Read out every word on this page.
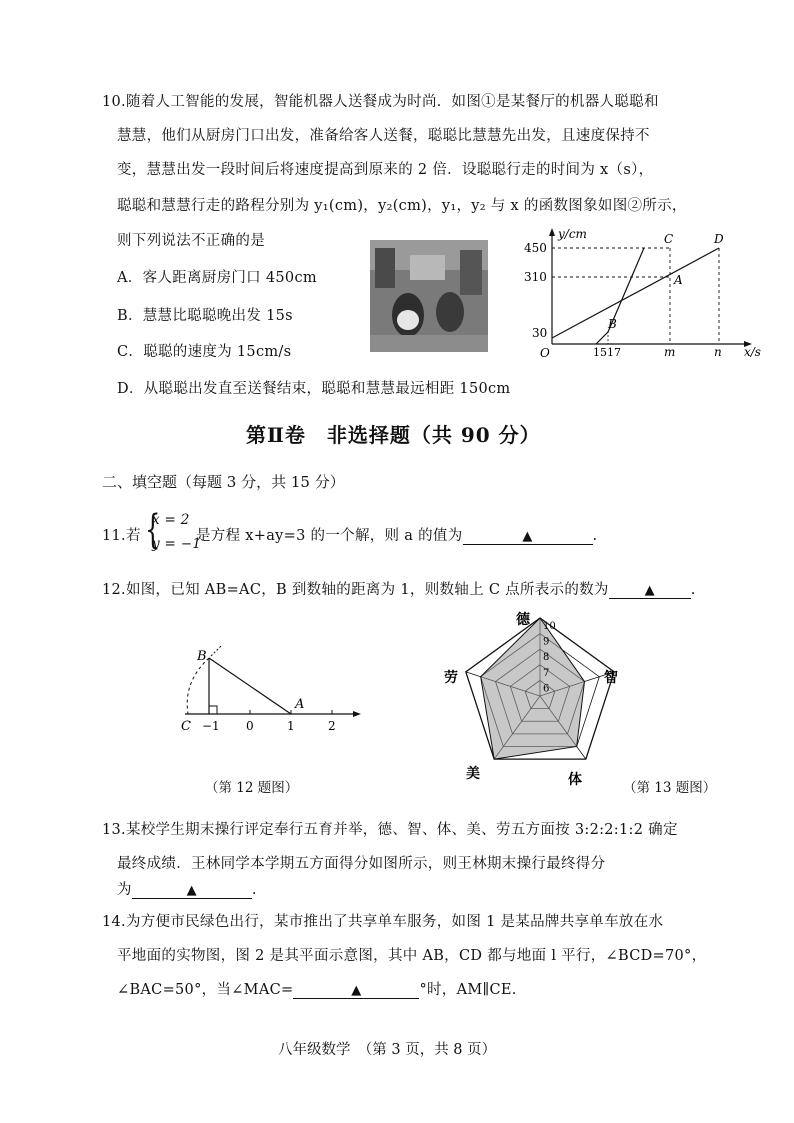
10.随着人工智能的发展，智能机器人送餐成为时尚．如图①是某餐厅的机器人聪聪和
慧慧，他们从厨房门口出发，准备给客人送餐，聪聪比慧慧先出发，且速度保持不
变，慧慧出发一段时间后将速度提高到原来的 2 倍．设聪聪行走的时间为 x（s），
聪聪和慧慧行走的路程分别为 y₁(cm)，y₂(cm)，y₁，y₂ 与 x 的函数图象如图②所示，
则下列说法不正确的是
A．客人距离厨房门口 450cm
B．慧慧比聪聪晚出发 15s
C．聪聪的速度为 15cm/s
D．从聪聪出发直至送餐结束，聪聪和慧慧最远相距 150cm
y/cm
x/s
O
450
310
30
15 17	m	n
A
B
C	D
第Ⅱ卷　非选择题（共 90 分）
二、填空题（每题 3 分，共 15 分）
11.若 {
x = 2
y = −1
是方程 x+ay=3 的一个解，则 a 的值为	▲	.
12.如图，已知 AB=AC，B 到数轴的距离为 1，则数轴上 C 点所表示的数为	▲ .
B
A
C −1 0	1	2
（第 12 题图）
6
7
8
9
10
德
智
体
美
劳
（第 13 题图）
13.某校学生期末操行评定奉行五育并举，德、智、体、美、劳五方面按 3:2:2:1:2 确定
最终成绩．王林同学本学期五方面得分如图所示，则王林期末操行最终得分
为	▲	.
14.为方便市民绿色出行，某市推出了共享单车服务，如图 1 是某品牌共享单车放在水
平地面的实物图，图 2 是其平面示意图，其中 AB，CD 都与地面 l 平行，∠BCD=70°，
∠BAC=50°，当∠MAC=	▲	°时，AM∥CE.
八年级数学　（第 3 页，共 8 页）
